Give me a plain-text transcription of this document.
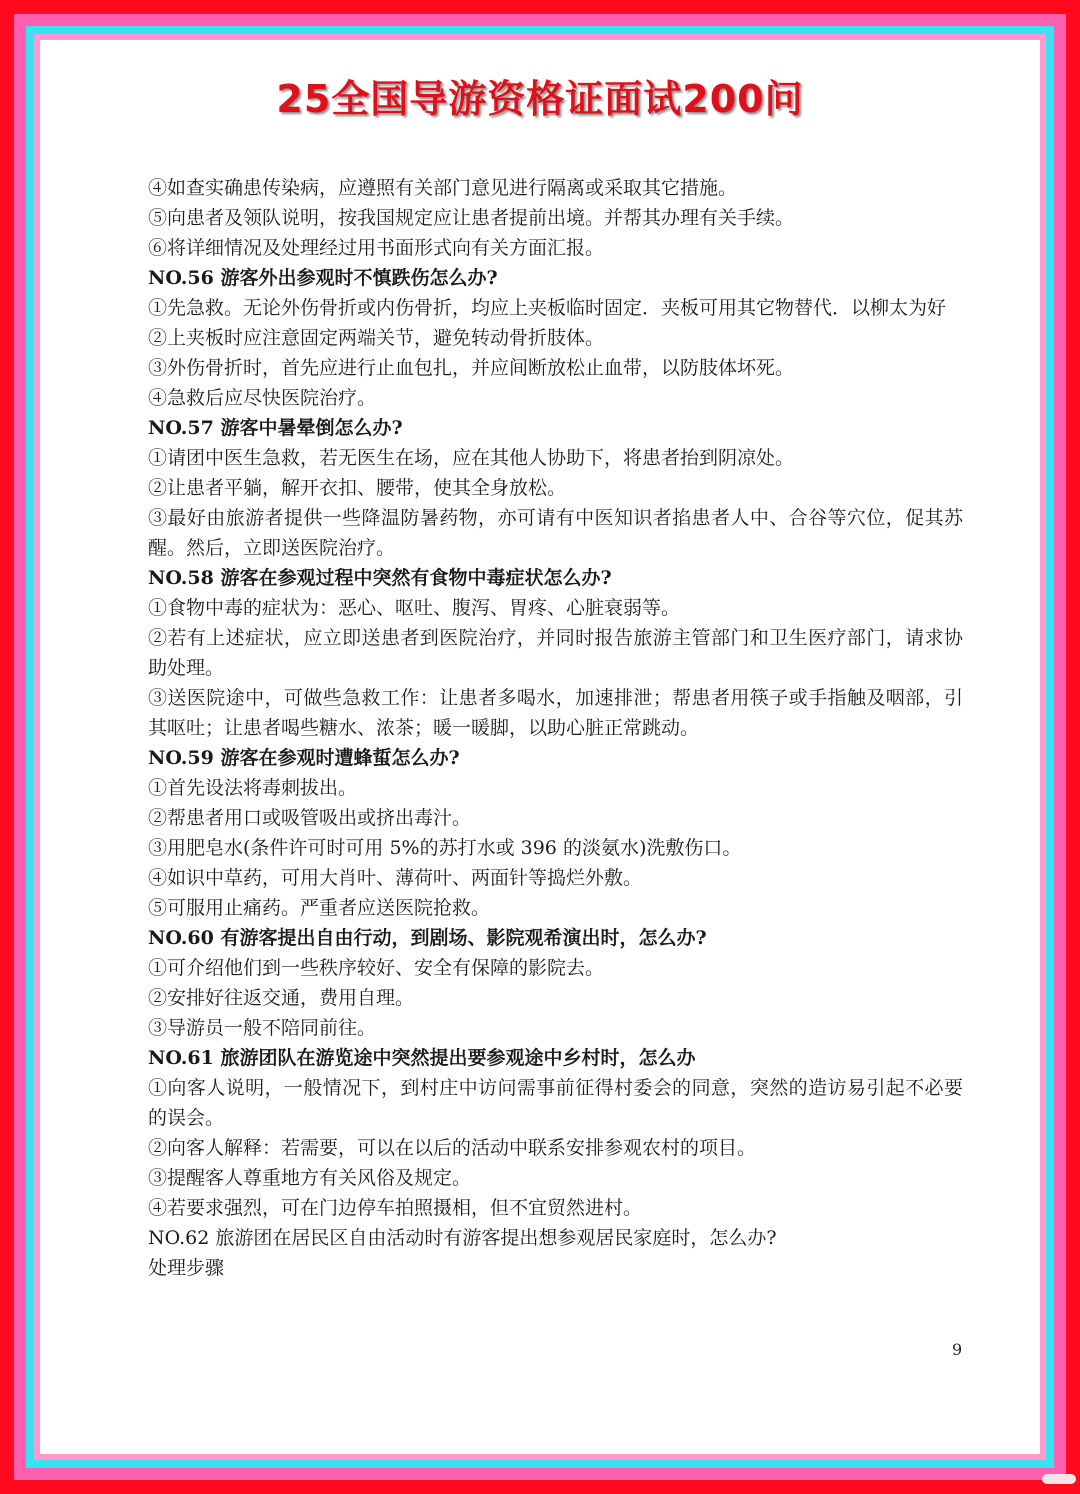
25全国导游资格证面试200问
④如查实确患传染病，应遵照有关部门意见进行隔离或采取其它措施。
⑤向患者及领队说明，按我国规定应让患者提前出境。并帮其办理有关手续。
⑥将详细情况及处理经过用书面形式向有关方面汇报。
NO.56 游客外出参观时不慎跌伤怎么办?
①先急救。无论外伤骨折或内伤骨折，均应上夹板临时固定．夹板可用其它物替代．以柳太为好
②上夹板时应注意固定两端关节，避免转动骨折肢体。
③外伤骨折时，首先应进行止血包扎，并应间断放松止血带，以防肢体坏死。
④急救后应尽快医院治疗。
NO.57 游客中暑晕倒怎么办?
①请团中医生急救，若无医生在场，应在其他人协助下，将患者抬到阴凉处。
②让患者平躺，解开衣扣、腰带，使其全身放松。
③最好由旅游者提供一些降温防暑药物，亦可请有中医知识者掐患者人中、合谷等穴位，促其苏醒。然后，立即送医院治疗。
NO.58 游客在参观过程中突然有食物中毒症状怎么办?
①食物中毒的症状为：恶心、呕吐、腹泻、胃疼、心脏衰弱等。
②若有上述症状，应立即送患者到医院治疗，并同时报告旅游主管部门和卫生医疗部门，请求协助处理。
③送医院途中，可做些急救工作：让患者多喝水，加速排泄；帮患者用筷子或手指触及咽部，引其呕吐；让患者喝些糖水、浓茶；暖一暖脚，以助心脏正常跳动。
NO.59 游客在参观时遭蜂蜇怎么办?
①首先设法将毒刺拔出。
②帮患者用口或吸管吸出或挤出毒汁。
③用肥皂水(条件许可时可用 5%的苏打水或 396 的淡氨水)洗敷伤口。
④如识中草药，可用大肖叶、薄荷叶、两面针等捣烂外敷。
⑤可服用止痛药。严重者应送医院抢救。
NO.60 有游客提出自由行动，到剧场、影院观希演出时，怎么办?
①可介绍他们到一些秩序较好、安全有保障的影院去。
②安排好往返交通，费用自理。
③导游员一般不陪同前往。
NO.61 旅游团队在游览途中突然提出要参观途中乡村时，怎么办
①向客人说明，一般情况下，到村庄中访问需事前征得村委会的同意，突然的造访易引起不必要的误会。
②向客人解释：若需要，可以在以后的活动中联系安排参观农村的项目。
③提醒客人尊重地方有关风俗及规定。
④若要求强烈，可在门边停车拍照摄相，但不宜贸然进村。
NO.62 旅游团在居民区自由活动时有游客提出想参观居民家庭时，怎么办?
处理步骤
9
